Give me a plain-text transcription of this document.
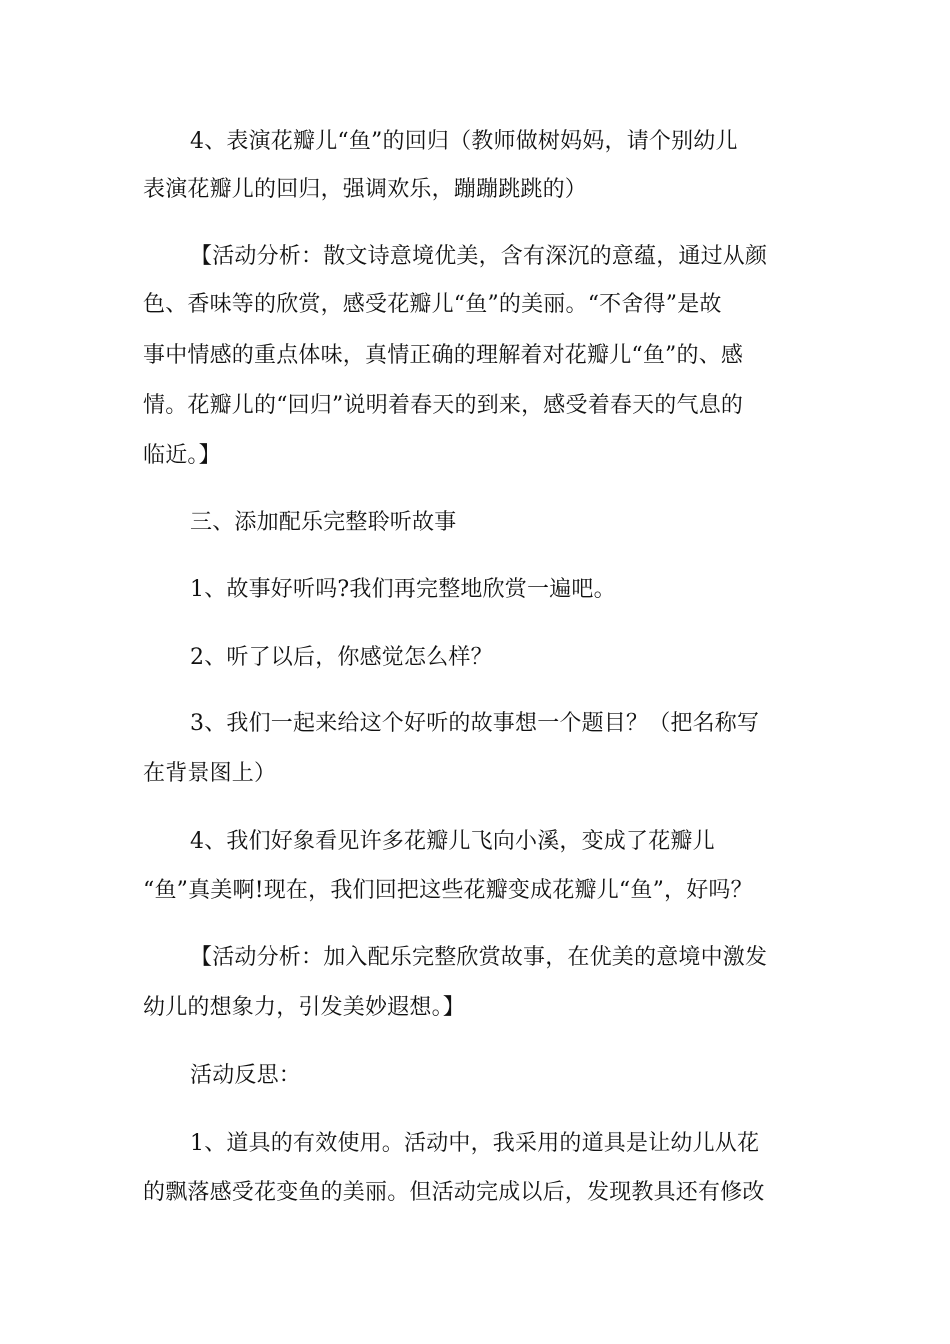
4、表演花瓣儿“鱼”的回归（教师做树妈妈，请个别幼儿
表演花瓣儿的回归，强调欢乐，蹦蹦跳跳的）
【活动分析：散文诗意境优美，含有深沉的意蕴，通过从颜
色、香味等的欣赏，感受花瓣儿“鱼”的美丽。“不舍得”是故
事中情感的重点体味，真情正确的理解着对花瓣儿“鱼”的、感
情。花瓣儿的“回归”说明着春天的到来，感受着春天的气息的
临近。】
三、添加配乐完整聆听故事
1、故事好听吗?我们再完整地欣赏一遍吧。
2、听了以后，你感觉怎么样？
3、我们一起来给这个好听的故事想一个题目？（把名称写
在背景图上）
4、我们好象看见许多花瓣儿飞向小溪，变成了花瓣儿
“鱼”真美啊!现在，我们回把这些花瓣变成花瓣儿“鱼”，好吗？
【活动分析：加入配乐完整欣赏故事，在优美的意境中激发
幼儿的想象力，引发美妙遐想。】
活动反思：
1、道具的有效使用。活动中，我采用的道具是让幼儿从花
的飘落感受花变鱼的美丽。但活动完成以后，发现教具还有修改
